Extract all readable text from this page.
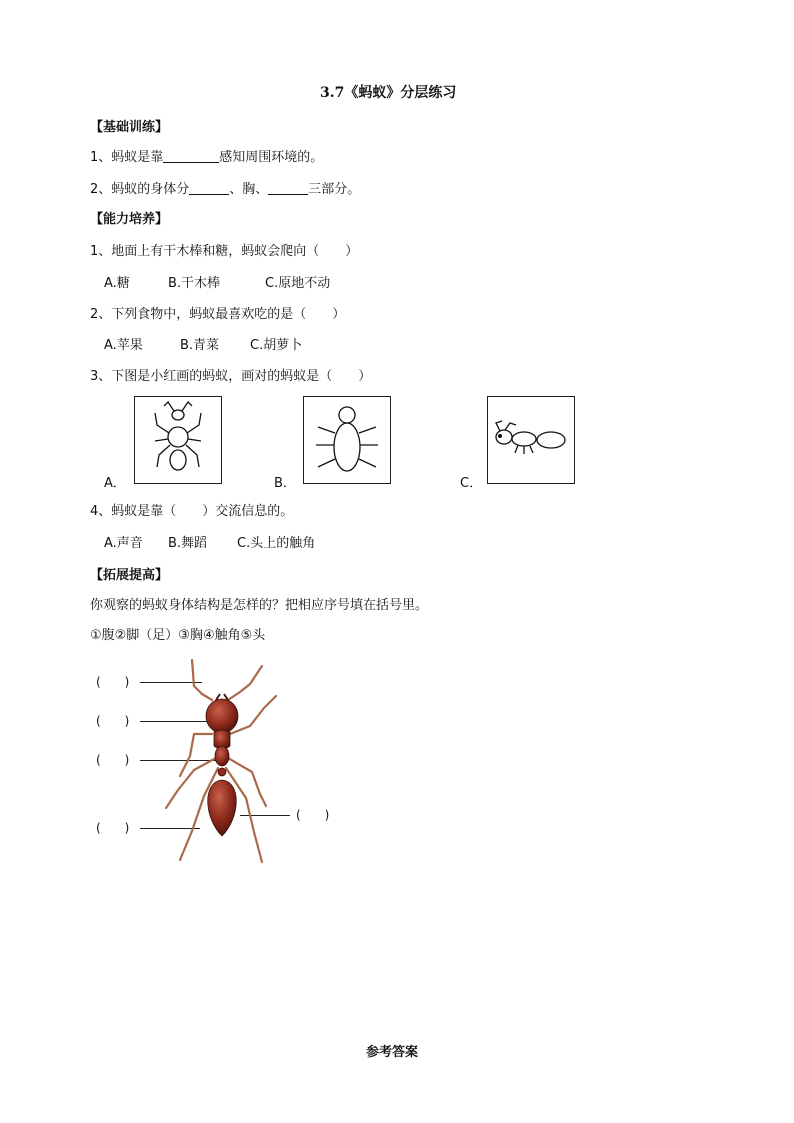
3.7《蚂蚁》分层练习
【基础训练】
1、蚂蚁是靠	感知周围环境的。
2、蚂蚁的身体分	、胸、	三部分。
【能力培养】
1、地面上有干木棒和糖，蚂蚁会爬向（　　）
A.糖	B.干木棒	C.原地不动
2、下列食物中，蚂蚁最喜欢吃的是（　　）
A.苹果	B.青菜 C.胡萝卜
3、下图是小红画的蚂蚁，画对的蚂蚁是（　　）
A．	B．	C．
4、蚂蚁是靠（　　）交流信息的。
A.声音 B.舞蹈 C.头上的触角
【拓展提高】
你观察的蚂蚁身体结构是怎样的？把相应序号填在括号里。
①腹②脚（足）③胸④触角⑤头
(　　)
(　　)
(　　)
(　　)
(　　)
参考答案
